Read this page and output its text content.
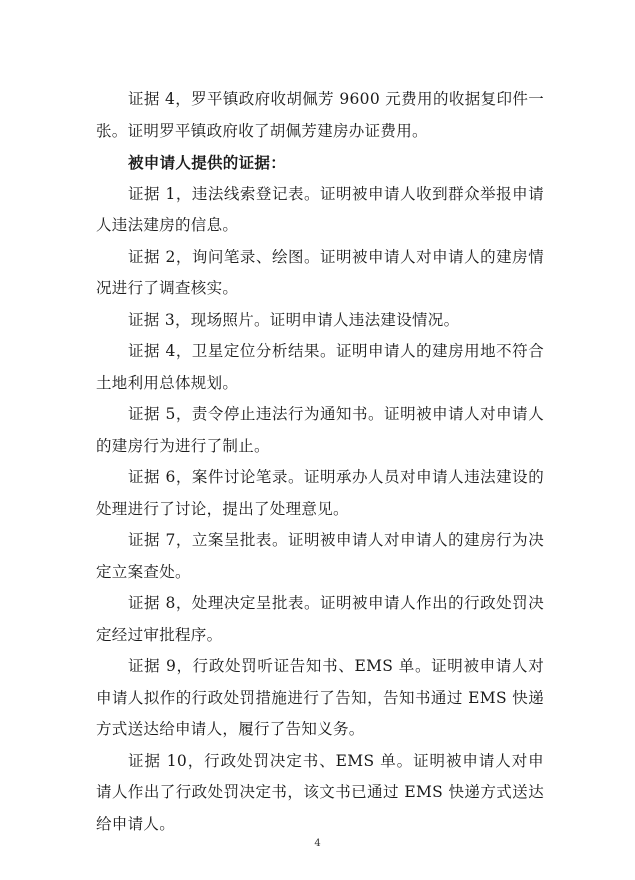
证据 4，罗平镇政府收胡佩芳 9600 元费用的收据复印件一张。证明罗平镇政府收了胡佩芳建房办证费用。

被申请人提供的证据：

证据 1，违法线索登记表。证明被申请人收到群众举报申请人违法建房的信息。

证据 2，询问笔录、绘图。证明被申请人对申请人的建房情况进行了调查核实。

证据 3，现场照片。证明申请人违法建设情况。

证据 4，卫星定位分析结果。证明申请人的建房用地不符合土地利用总体规划。

证据 5，责令停止违法行为通知书。证明被申请人对申请人的建房行为进行了制止。

证据 6，案件讨论笔录。证明承办人员对申请人违法建设的处理进行了讨论，提出了处理意见。

证据 7，立案呈批表。证明被申请人对申请人的建房行为决定立案查处。

证据 8，处理决定呈批表。证明被申请人作出的行政处罚决定经过审批程序。

证据 9，行政处罚听证告知书、EMS 单。证明被申请人对申请人拟作的行政处罚措施进行了告知，告知书通过 EMS 快递方式送达给申请人，履行了告知义务。

证据 10，行政处罚决定书、EMS 单。证明被申请人对申请人作出了行政处罚决定书，该文书已通过 EMS 快递方式送达给申请人。

4
